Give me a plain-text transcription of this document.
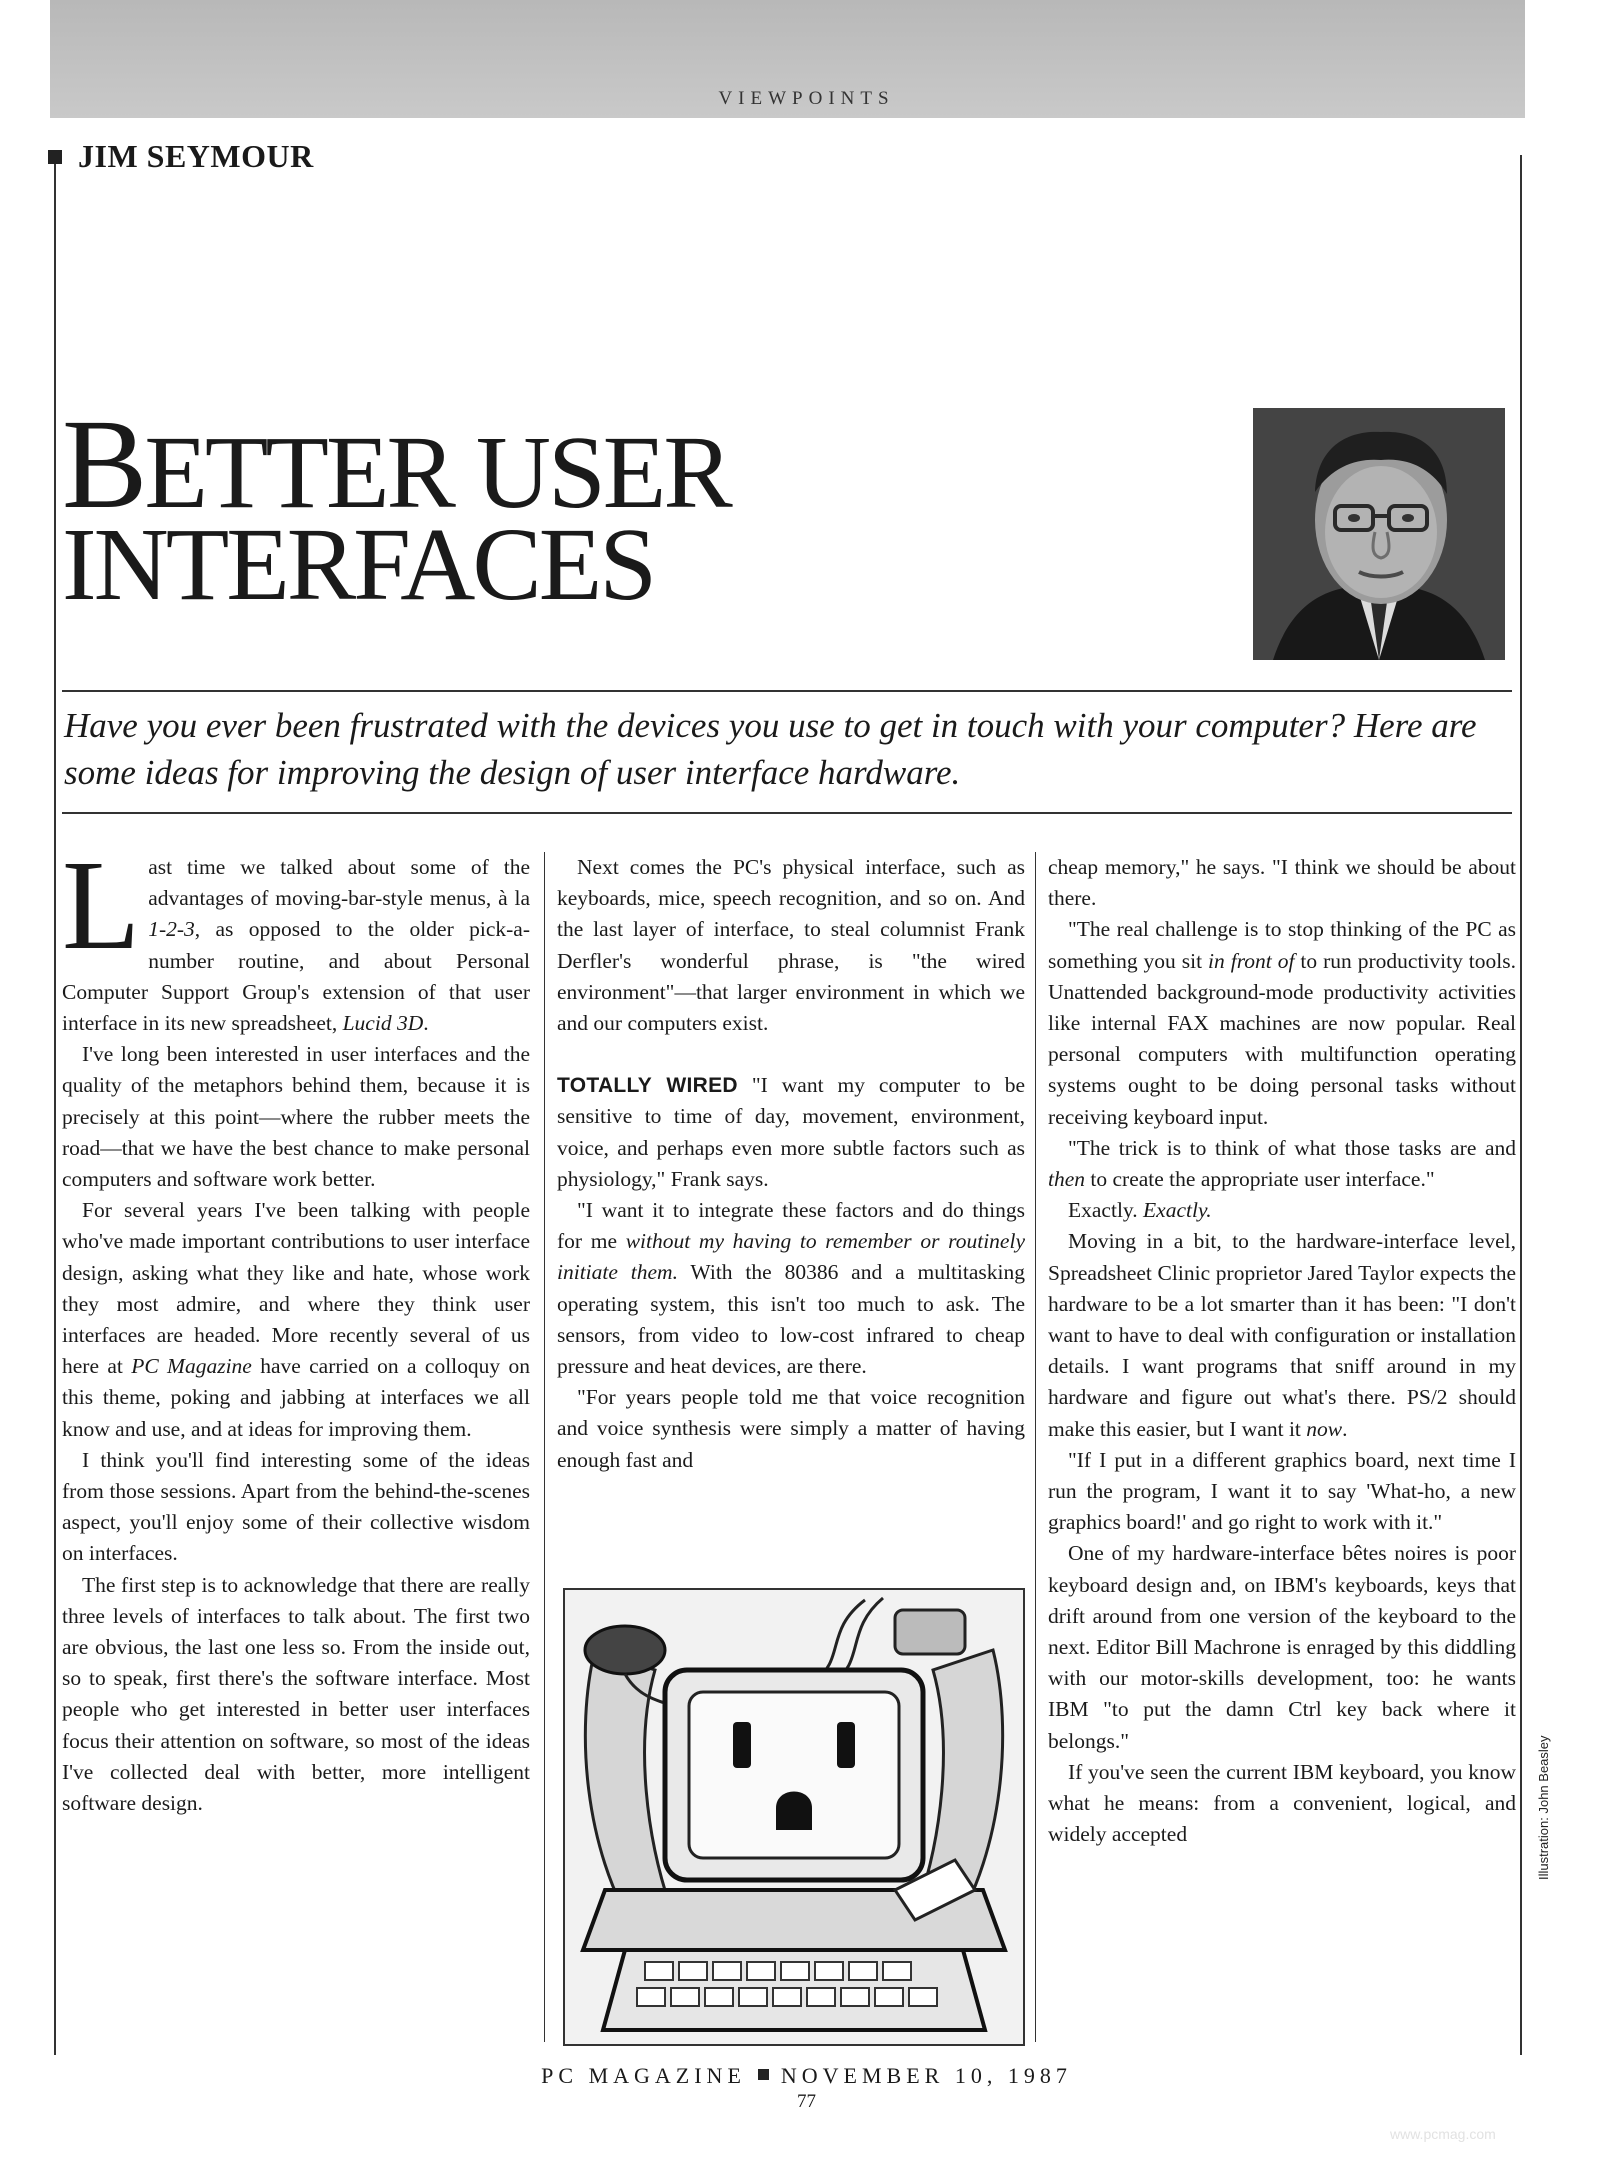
VIEWPOINTS
JIM SEYMOUR
BETTER USER
INTERFACES
Have you ever been frustrated with the devices you use to get in touch with your computer? Here are some ideas for improving the design of user interface hardware.

Last time we talked about some of the advantages of moving-bar-style menus, à la 1-2-3, as opposed to the older pick-a-number routine, and about Personal Computer Support Group's extension of that user interface in its new spreadsheet, Lucid 3D.

I've long been interested in user interfaces and the quality of the metaphors behind them, because it is precisely at this point—where the rubber meets the road—that we have the best chance to make personal computers and software work better.

For several years I've been talking with people who've made important contributions to user interface design, asking what they like and hate, whose work they most admire, and where they think user interfaces are headed. More recently several of us here at PC Magazine have carried on a colloquy on this theme, poking and jabbing at interfaces we all know and use, and at ideas for improving them.

I think you'll find interesting some of the ideas from those sessions. Apart from the behind-the-scenes aspect, you'll enjoy some of their collective wisdom on interfaces.

The first step is to acknowledge that there are really three levels of interfaces to talk about. The first two are obvious, the last one less so. From the inside out, so to speak, first there's the software interface. Most people who get interested in better user interfaces focus their attention on software, so most of the ideas I've collected deal with better, more intelligent software design.

Next comes the PC's physical interface, such as keyboards, mice, speech recognition, and so on. And the last layer of interface, to steal columnist Frank Derfler's wonderful phrase, is "the wired environment"—that larger environment in which we and our computers exist.

TOTALLY WIRED "I want my computer to be sensitive to time of day, movement, environment, voice, and perhaps even more subtle factors such as physiology," Frank says.

"I want it to integrate these factors and do things for me without my having to remember or routinely initiate them. With the 80386 and a multitasking operating system, this isn't too much to ask. The sensors, from video to low-cost infrared to cheap pressure and heat devices, are there.

"For years people told me that voice recognition and voice synthesis were simply a matter of having enough fast and

cheap memory," he says. "I think we should be about there.

"The real challenge is to stop thinking of the PC as something you sit in front of to run productivity tools. Unattended background-mode productivity activities like internal FAX machines are now popular. Real personal computers with multifunction operating systems ought to be doing personal tasks without receiving keyboard input.

"The trick is to think of what those tasks are and then to create the appropriate user interface."

Exactly. Exactly.

Moving in a bit, to the hardware-interface level, Spreadsheet Clinic proprietor Jared Taylor expects the hardware to be a lot smarter than it has been: "I don't want to have to deal with configuration or installation details. I want programs that sniff around in my hardware and figure out what's there. PS/2 should make this easier, but I want it now.

"If I put in a different graphics board, next time I run the program, I want it to say 'What-ho, a new graphics board!' and go right to work with it."

One of my hardware-interface bêtes noires is poor keyboard design and, on IBM's keyboards, keys that drift around from one version of the keyboard to the next. Editor Bill Machrone is enraged by this diddling with our motor-skills development, too: he wants IBM "to put the damn Ctrl key back where it belongs."

If you've seen the current IBM keyboard, you know what he means: from a convenient, logical, and widely accepted	Illustration: John Beasley
PC MAGAZINE NOVEMBER 10, 1987
77
www.pcmag.com
